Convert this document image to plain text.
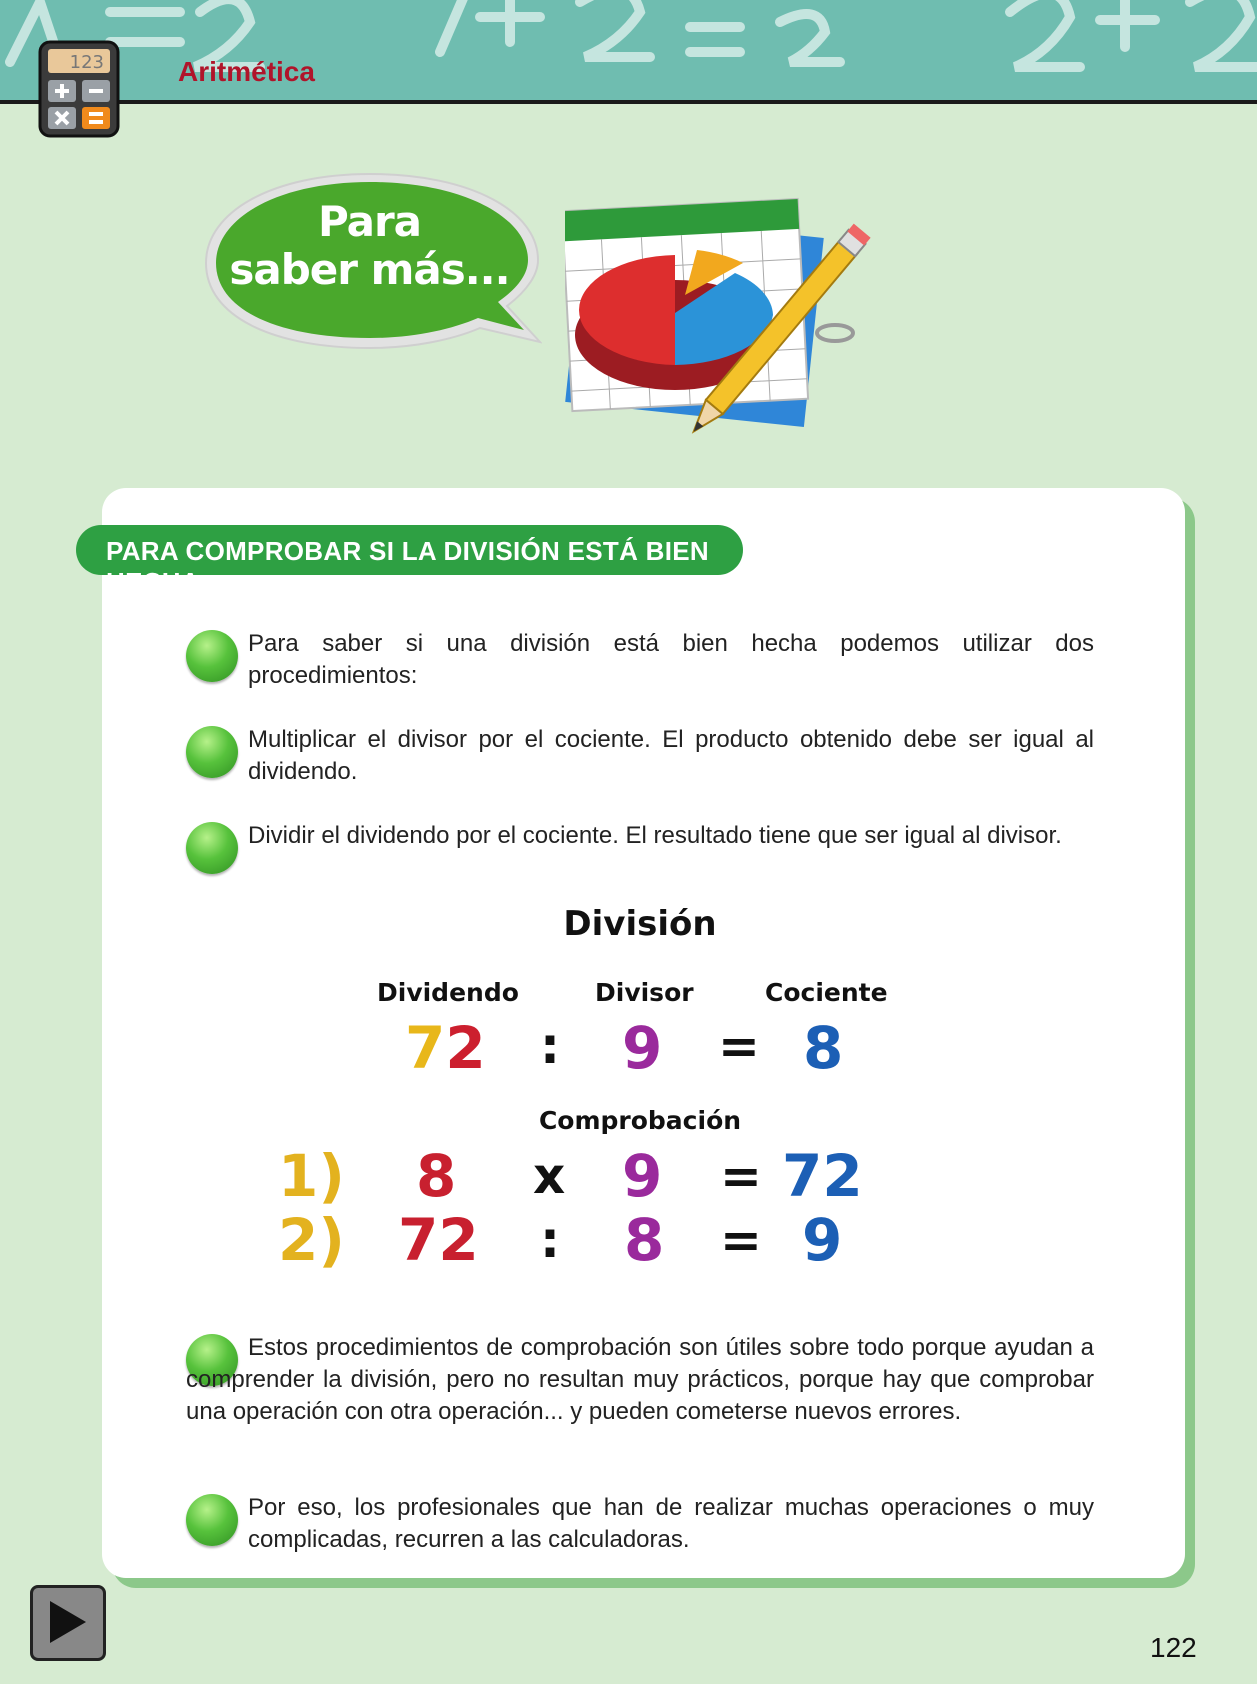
123	Aritmética
Para
saber más...
PARA COMPROBAR SI LA DIVISIÓN ESTÁ BIEN HECHA
Para saber si una división está bien hecha podemos utilizar dos procedimientos:
Multiplicar el divisor por el cociente. El producto obtenido debe ser igual al dividendo.
Dividir el dividendo por el cociente. El resultado tiene que ser igual al divisor.
División
Dividendo	Divisor	Cociente
72 : 9 = 8
Comprobación
1) 8 x 9 = 72
2) 72 : 8 = 9
Estos procedimientos de comprobación son útiles sobre todo porque ayudan a comprender la división, pero no resultan muy prácticos, porque hay que comprobar una operación con otra operación... y pueden cometerse nuevos errores.
Por eso, los profesionales que han de realizar muchas operaciones o muy complicadas, recurren a las calculadoras.
122
